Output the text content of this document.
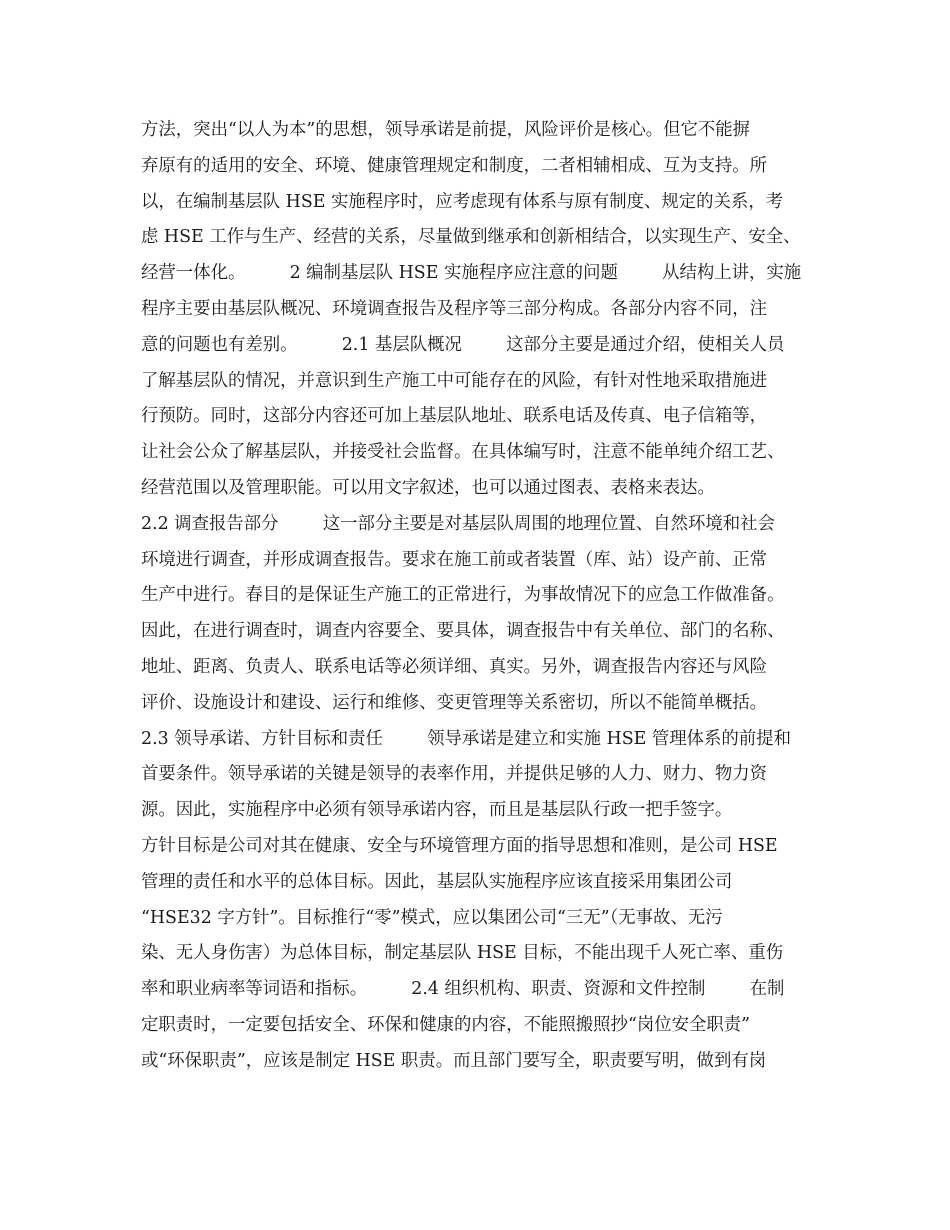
方法，突出“以人为本”的思想，领导承诺是前提，风险评价是核心。但它不能摒
弃原有的适用的安全、环境、健康管理规定和制度，二者相辅相成、互为支持。所
以，在编制基层队 HSE 实施程序时，应考虑现有体系与原有制度、规定的关系，考
虑 HSE 工作与生产、经营的关系，尽量做到继承和创新相结合，以实现生产、安全、
经营一体化。        2 编制基层队 HSE 实施程序应注意的问题        从结构上讲，实施
程序主要由基层队概况、环境调查报告及程序等三部分构成。各部分内容不同，注
意的问题也有差别。        2.1 基层队概况        这部分主要是通过介绍，使相关人员
了解基层队的情况，并意识到生产施工中可能存在的风险，有针对性地采取措施进
行预防。同时，这部分内容还可加上基层队地址、联系电话及传真、电子信箱等，
让社会公众了解基层队，并接受社会监督。在具体编写时，注意不能单纯介绍工艺、
经营范围以及管理职能。可以用文字叙述，也可以通过图表、表格来表达。
2.2 调查报告部分        这一部分主要是对基层队周围的地理位置、自然环境和社会
环境进行调查，并形成调查报告。要求在施工前或者装置（库、站）设产前、正常
生产中进行。春目的是保证生产施工的正常进行，为事故情况下的应急工作做准备。
因此，在进行调查时，调查内容要全、要具体，调查报告中有关单位、部门的名称、
地址、距离、负责人、联系电话等必须详细、真实。另外，调查报告内容还与风险
评价、设施设计和建设、运行和维修、变更管理等关系密切，所以不能简单概括。
2.3 领导承诺、方针目标和责任        领导承诺是建立和实施 HSE 管理体系的前提和
首要条件。领导承诺的关键是领导的表率作用，并提供足够的人力、财力、物力资
源。因此，实施程序中必须有领导承诺内容，而且是基层队行政一把手签字。
方针目标是公司对其在健康、安全与环境管理方面的指导思想和准则，是公司 HSE
管理的责任和水平的总体目标。因此，基层队实施程序应该直接采用集团公司
“HSE32 字方针”。目标推行“零”模式，应以集团公司“三无”（无事故、无污
染、无人身伤害）为总体目标，制定基层队 HSE 目标，不能出现千人死亡率、重伤
率和职业病率等词语和指标。        2.4 组织机构、职责、资源和文件控制        在制
定职责时，一定要包括安全、环保和健康的内容，不能照搬照抄“岗位安全职责”
或“环保职责”，应该是制定 HSE 职责。而且部门要写全，职责要写明，做到有岗
